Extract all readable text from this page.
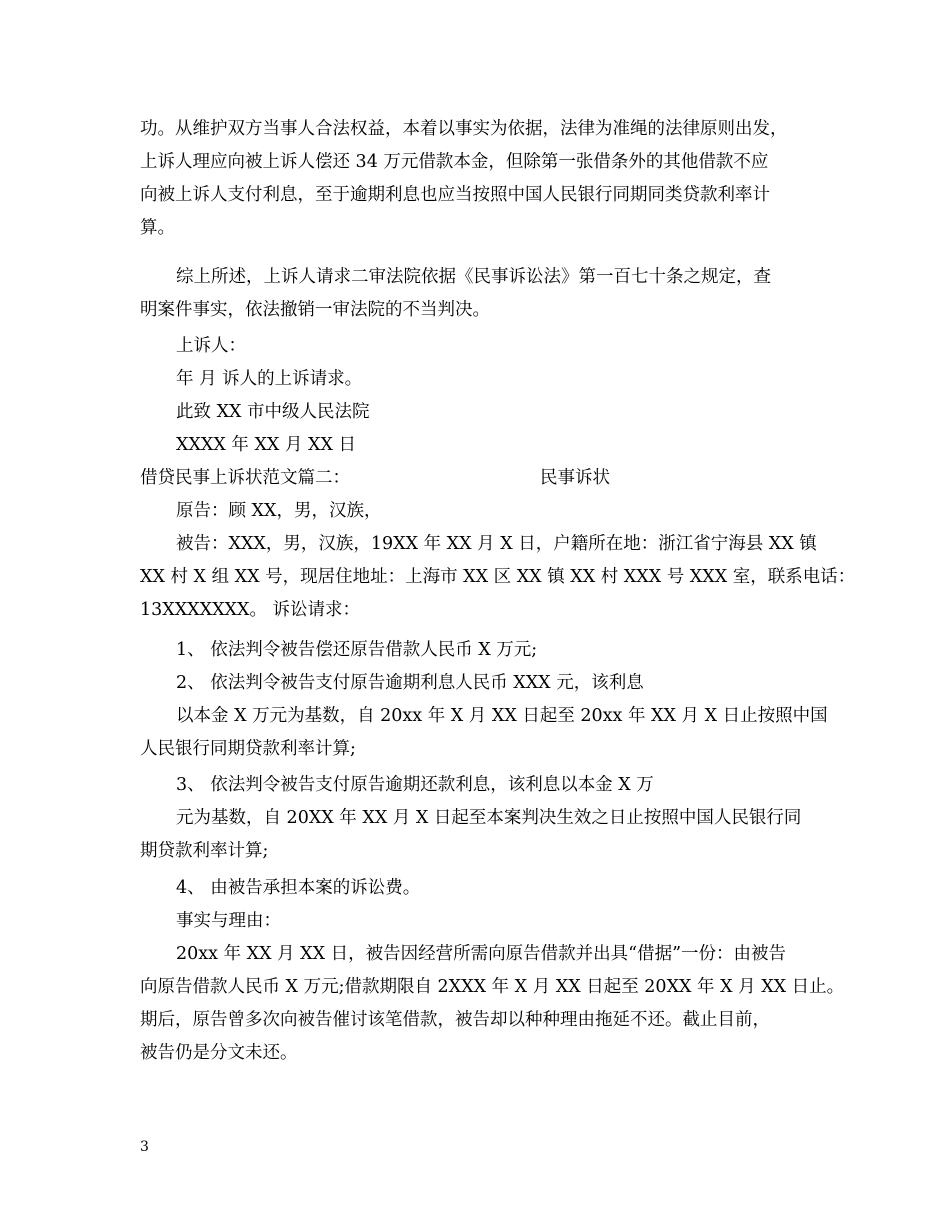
功。从维护双方当事人合法权益，本着以事实为依据，法律为准绳的法律原则出发，
上诉人理应向被上诉人偿还 34 万元借款本金，但除第一张借条外的其他借款不应
向被上诉人支付利息，至于逾期利息也应当按照中国人民银行同期同类贷款利率计
算。
综上所述，上诉人请求二审法院依据《民事诉讼法》第一百七十条之规定，查
明案件事实，依法撤销一审法院的不当判决。
上诉人：
年 月 诉人的上诉请求。
此致 XX 市中级人民法院
XXXX 年 XX 月 XX 日
借贷民事上诉状范文篇二：	民事诉状
原告：顾 XX，男，汉族，
被告：XXX，男，汉族，19XX 年 XX 月 X 日，户籍所在地：浙江省宁海县 XX 镇
XX 村 X 组 XX 号，现居住地址：上海市 XX 区 XX 镇 XX 村 XXX 号 XXX 室，联系电话：
13XXXXXXX。 诉讼请求：
1、 依法判令被告偿还原告借款人民币 X 万元;
2、 依法判令被告支付原告逾期利息人民币 XXX 元，该利息
以本金 X 万元为基数，自 20xx 年 X 月 XX 日起至 20xx 年 XX 月 X 日止按照中国
人民银行同期贷款利率计算;
3、 依法判令被告支付原告逾期还款利息，该利息以本金 X 万
元为基数，自 20XX 年 XX 月 X 日起至本案判决生效之日止按照中国人民银行同
期贷款利率计算;
4、 由被告承担本案的诉讼费。
事实与理由：
20xx 年 XX 月 XX 日，被告因经营所需向原告借款并出具“借据”一份：由被告
向原告借款人民币 X 万元;借款期限自 2XXX 年 X 月 XX 日起至 20XX 年 X 月 XX 日止。
期后，原告曾多次向被告催讨该笔借款，被告却以种种理由拖延不还。截止目前，
被告仍是分文未还。
3
